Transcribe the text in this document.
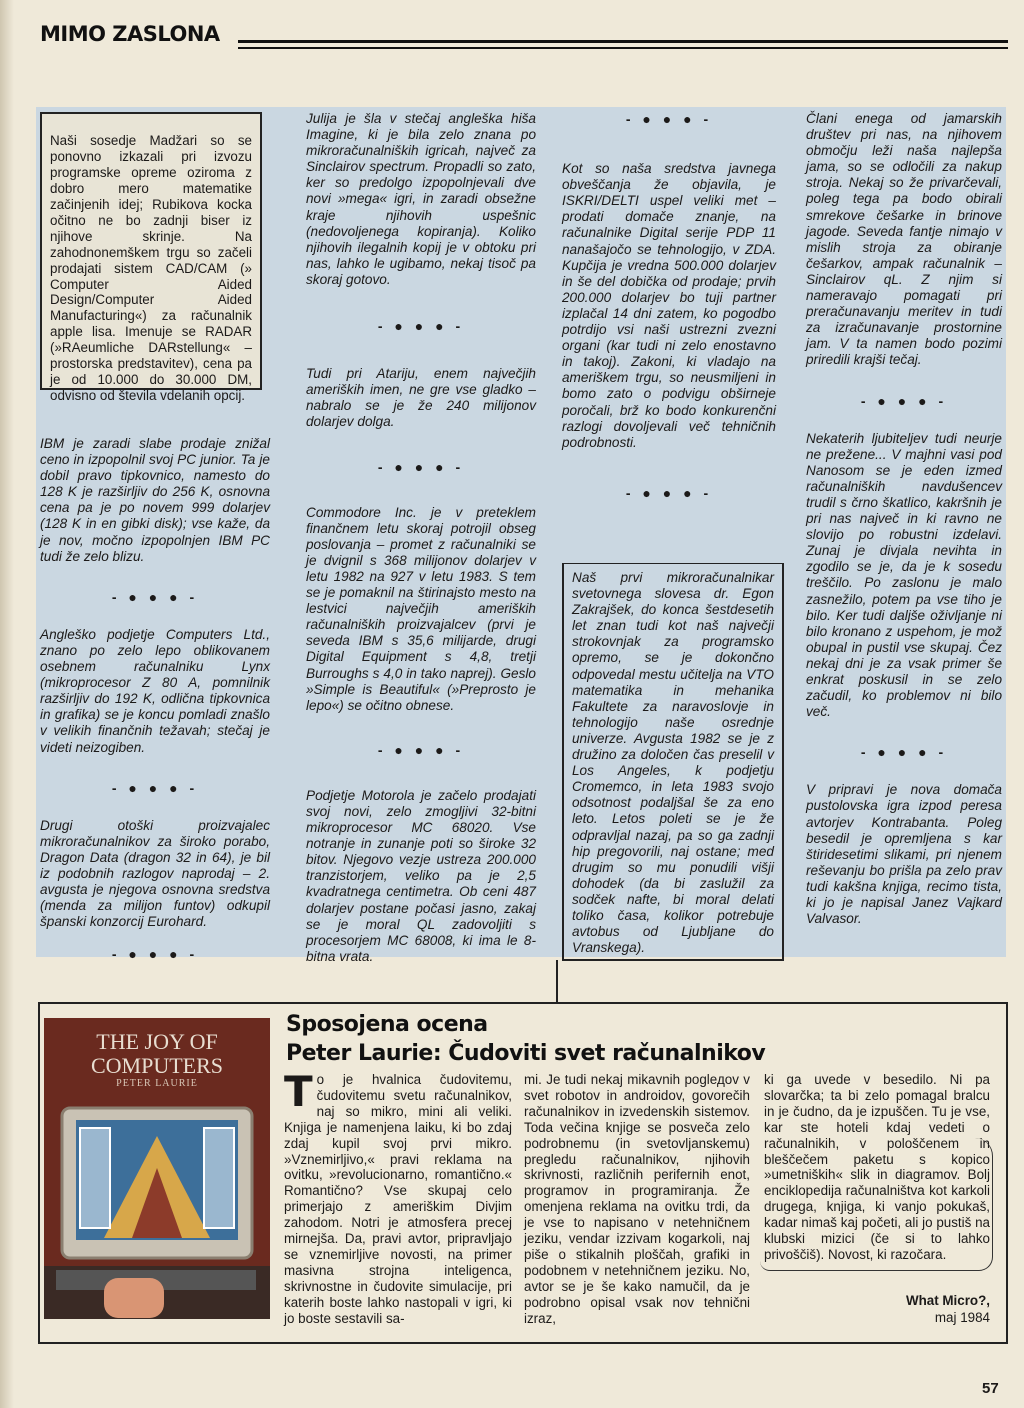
MIMO ZASLONA

Naši sosedje Madžari so se ponovno izkazali pri izvozu programske opreme oziroma z dobro mero matematike začinjenih idej; Rubikova kocka očitno ne bo zadnji biser iz njihove skrinje. Na zahodnonemškem trgu so začeli prodajati sistem CAD/CAM (» Computer Aided Design/Computer Aided Manufacturing«) za računalnik apple lisa. Imenuje se RADAR (»RAeumliche DARstellung« – prostorska predstavitev), cena pa je od 10.000 do 30.000 DM, odvisno od števila vdelanih opcij.

IBM je zaradi slabe prodaje znižal ceno in izpopolnil svoj PC junior. Ta je dobil pravo tipkovnico, namesto do 128 K je razširljiv do 256 K, osnovna cena pa je po novem 999 dolarjev (128 K in en gibki disk); vse kaže, da je nov, močno izpopolnjen IBM PC tudi že zelo blizu.

- ● ● ● -

Angleško podjetje Computers Ltd., znano po zelo lepo oblikovanem osebnem računalniku Lynx (mikroprocesor Z 80 A, pomnilnik razširljiv do 192 K, odlična tipkovnica in grafika) se je koncu pomladi znašlo v velikih finančnih težavah; stečaj je videti neizogiben.

- ● ● ● -

Drugi otoški proizvajalec mikroračunalnikov za široko porabo, Dragon Data (dragon 32 in 64), je bil iz podobnih razlogov naprodaj – 2. avgusta je njegova osnovna sredstva (menda za milijon funtov) odkupil španski konzorcij Eurohard.

- ● ● ● -

Julija je šla v stečaj angleška hiša Imagine, ki je bila zelo znana po mikroračunalniških igricah, največ za Sinclairov spectrum. Propadli so zato, ker so predolgo izpopolnjevali dve novi »mega« igri, in zaradi obsežne kraje njihovih uspešnic (nedovoljenega kopiranja). Koliko njihovih ilegalnih kopij je v obtoku pri nas, lahko le ugibamo, nekaj tisoč pa skoraj gotovo.

- ● ● ● -

Tudi pri Atariju, enem največjih ameriških imen, ne gre vse gladko – nabralo se je že 240 milijonov dolarjev dolga.

- ● ● ● -

Commodore Inc. je v preteklem finančnem letu skoraj potrojil obseg poslovanja – promet z računalniki se je dvignil s 368 milijonov dolarjev v letu 1982 na 927 v letu 1983. S tem se je pomaknil na štirinajsto mesto na lestvici največjih ameriških računalniških proizvajalcev (prvi je seveda IBM s 35,6 milijarde, drugi Digital Equipment s 4,8, tretji Burroughs s 4,0 in tako naprej). Geslo »Simple is Beautiful« (»Preprosto je lepo«) se očitno obnese.

- ● ● ● -

Podjetje Motorola je začelo prodajati svoj novi, zelo zmogljivi 32-bitni mikroprocesor MC 68020. Vse notranje in zunanje poti so široke 32 bitov. Njegovo vezje ustreza 200.000 tranzistorjem, veliko pa je 2,5 kvadratnega centimetra. Ob ceni 487 dolarjev postane počasi jasno, zakaj se je moral QL zadovoljiti s procesorjem MC 68008, ki ima le 8-bitna vrata.

- ● ● ● -

Kot so naša sredstva javnega obveščanja že objavila, je ISKRI/DELTI uspel veliki met – prodati domače znanje, na računalnike Digital serije PDP 11 nanašajočo se tehnologijo, v ZDA. Kupčija je vredna 500.000 dolarjev in še del dobička od prodaje; prvih 200.000 dolarjev bo tuji partner izplačal 14 dni zatem, ko pogodbo potrdijo vsi naši ustrezni zvezni organi (kar tudi ni zelo enostavno in takoj). Zakoni, ki vladajo na ameriškem trgu, so neusmiljeni in bomo zato o podvigu obširneje poročali, brž ko bodo konkurenčni razlogi dovoljevali več tehničnih podrobnosti.

- ● ● ● -

Naš prvi mikroračunalnikar svetovnega slovesa dr. Egon Zakrajšek, do konca šestdesetih let znan tudi kot naš največji strokovnjak za programsko opremo, se je dokončno odpovedal mestu učitelja na VTO matematika in mehanika Fakultete za naravoslovje in tehnologijo naše osrednje univerze. Avgusta 1982 se je z družino za določen čas preselil v Los Angeles, k podjetju Cromemco, in leta 1983 svojo odsotnost podaljšal še za eno leto. Letos poleti se je že odpravljal nazaj, pa so ga zadnji hip pregovorili, naj ostane; med drugim so mu ponudili višji dohodek (da bi zaslužil za sodček nafte, bi moral delati toliko časa, kolikor potrebuje avtobus od Ljubljane do Vranskega).

Člani enega od jamarskih društev pri nas, na njihovem območju leži naša najlepša jama, so se odločili za nakup stroja. Nekaj so že privarčevali, poleg tega pa bodo obirali smrekove češarke in brinove jagode. Seveda fantje nimajo v mislih stroja za obiranje češarkov, ampak računalnik – Sinclairov qL. Z njim si nameravajo pomagati pri preračunavanju meritev in tudi za izračunavanje prostornine jam. V ta namen bodo pozimi priredili krajši tečaj.

- ● ● ● -

Nekaterih ljubiteljev tudi neurje ne prežene... V majhni vasi pod Nanosom se je eden izmed računalniških navdušencev trudil s črno škatlico, kakršnih je pri nas največ in ki ravno ne slovijo po robustni izdelavi. Zunaj je divjala nevihta in zgodilo se je, da je k sosedu treščilo. Po zaslonu je malo zasnežilo, potem pa vse tiho je bilo. Ker tudi daljše oživljanje ni bilo kronano z uspehom, je mož obupal in pustil vse skupaj. Čez nekaj dni je za vsak primer še enkrat poskusil in se zelo začudil, ko problemov ni bilo več.

- ● ● ● -

V pripravi je nova domača pustolovska igra izpod peresa avtorjev Kontrabanta. Poleg besedil je opremljena s kar štiridesetimi slikami, pri njenem reševanju bo prišla pa zelo prav tudi kakšna knjiga, recimo tista, ki jo je napisal Janez Vajkard Valvasor.

THE JOY OF COMPUTERS
PETER LAURIE
Sposojena ocena
Peter Laurie: Čudoviti svet računalnikov
T o je hvalnica čudovitemu, čudovitemu svetu računalnikov, naj so mikro, mini ali veliki. Knjiga je namenjena laiku, ki bo zdaj zdaj kupil svoj prvi mikro. »Vznemirljivo,« pravi reklama na ovitku, »revolucionarno, romantično.« Romantično? Vse skupaj celo primerjajo z ameriškim Divjim zahodom. Notri je atmosfera precej mirnejša. Da, pravi avtor, pripravljajo se vznemirljive novosti, na primer masivna strojna inteligenca, skrivnostne in čudovite simulacije, pri katerih boste lahko nastopali v igri, ki jo boste sestavili sa-

mi. Je tudi nekaj mikavnih poglедov v svet robotov in androidov, govorečih računalnikov in izvedenskih sistemov. Toda večina knjige se posveča zelo podrobnemu (in svetovljanskemu) pregledu računalnikov, njihovih skrivnosti, različnih perifernih enot, programov in programiranja. Že omenjena reklama na ovitku trdi, da je vse to napisano v netehničnem jeziku, vendar izzivam kogarkoli, naj piše o stikalnih ploščah, grafiki in podobnem v netehničnem jeziku. No, avtor se je še kako namučil, da je podrobno opisal vsak nov tehnični izraz,

ki ga uvede v besedilo. Ni pa slovarčka; ta bi zelo pomagal bralcu in je čudno, da je izpuščen. Tu je vse, kar ste hoteli kdaj vedeti o računalnikih, v pološčenem in bleščečem paketu s kopico »umetniških« slik in diagramov. Bolj enciklopedija računalništva kot karkoli drugega, knjiga, ki vanjo pokukaš, kadar nimaš kaj početi, ali jo pustiš na klubski mizici (če si to lahko privoščiš). Novost, ki razočara.

What Micro?,
maj 1984
57
